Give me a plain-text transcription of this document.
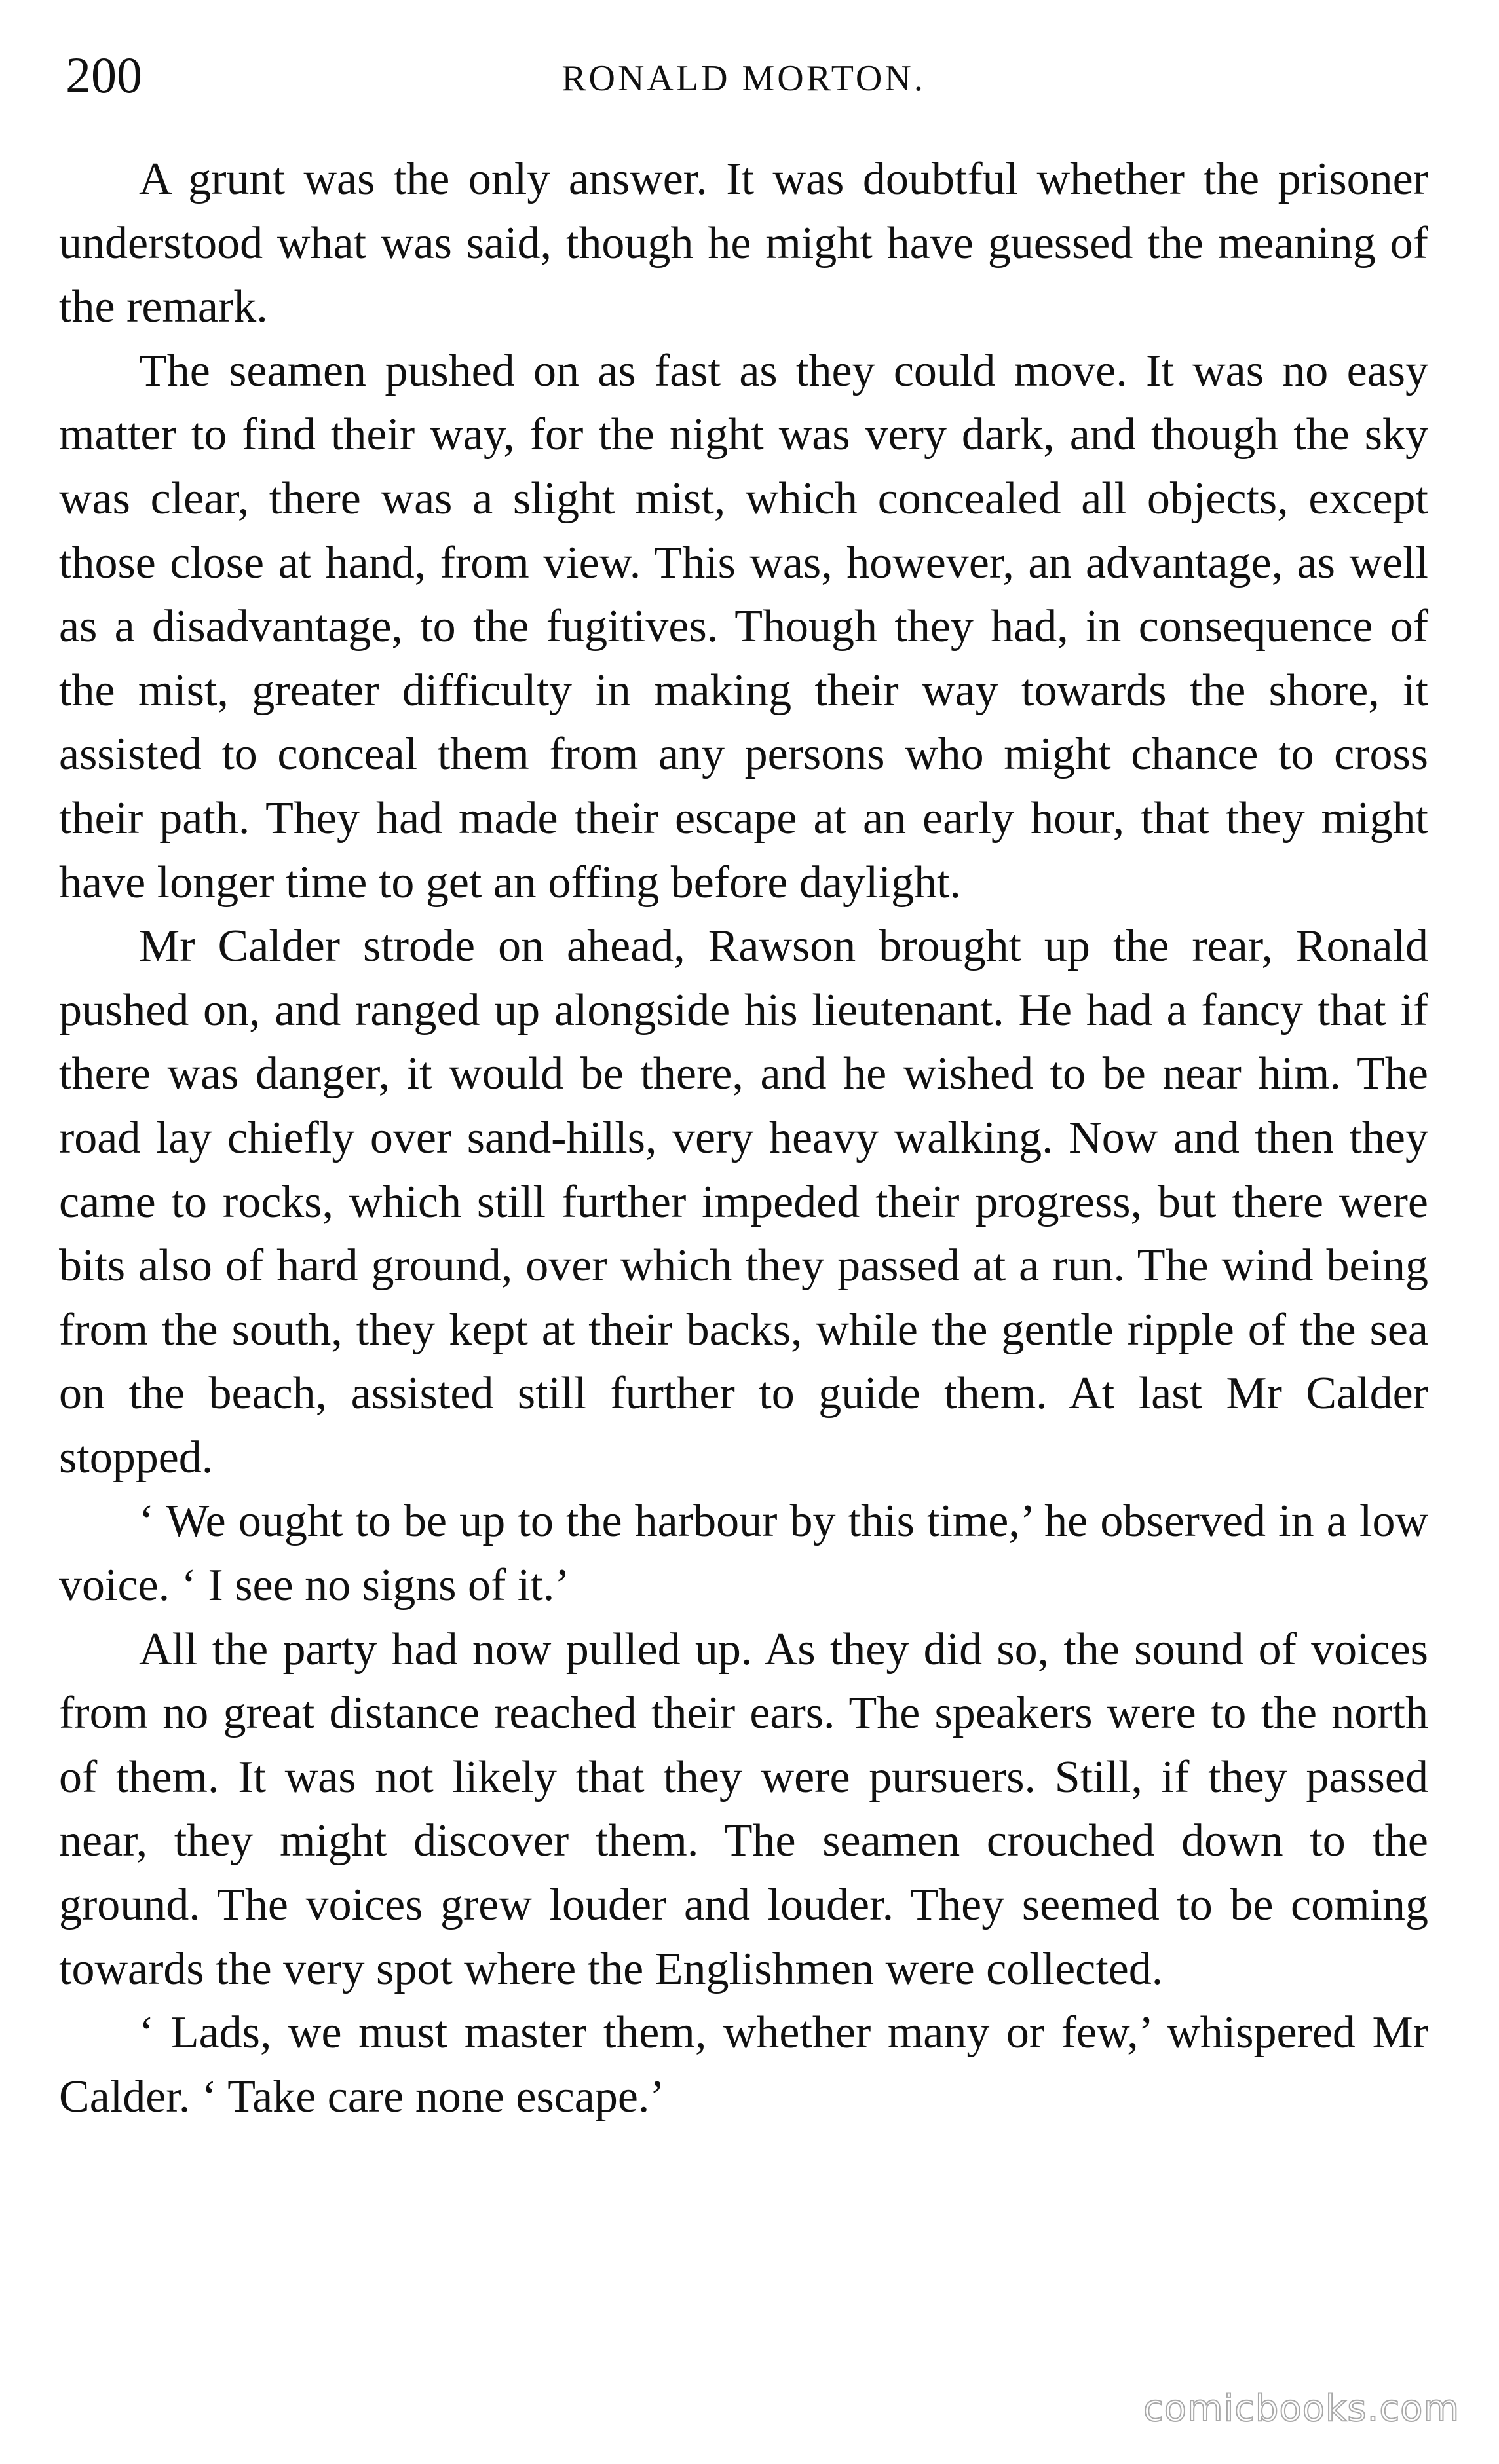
200	RONALD MORTON.

A grunt was the only answer. It was doubtful whether the prisoner understood what was said, though he might have guessed the meaning of the remark.

The seamen pushed on as fast as they could move. It was no easy matter to find their way, for the night was very dark, and though the sky was clear, there was a slight mist, which concealed all objects, except those close at hand, from view. This was, however, an advantage, as well as a disadvantage, to the fugitives. Though they had, in consequence of the mist, greater difficulty in making their way towards the shore, it assisted to conceal them from any persons who might chance to cross their path. They had made their escape at an early hour, that they might have longer time to get an offing before daylight.

Mr Calder strode on ahead, Rawson brought up the rear, Ronald pushed on, and ranged up alongside his lieutenant. He had a fancy that if there was danger, it would be there, and he wished to be near him. The road lay chiefly over sand-hills, very heavy walking. Now and then they came to rocks, which still further impeded their progress, but there were bits also of hard ground, over which they passed at a run. The wind being from the south, they kept at their backs, while the gentle ripple of the sea on the beach, assisted still further to guide them. At last Mr Calder stopped.

‘ We ought to be up to the harbour by this time,’ he observed in a low voice. ‘ I see no signs of it.’

All the party had now pulled up. As they did so, the sound of voices from no great distance reached their ears. The speakers were to the north of them. It was not likely that they were pursuers. Still, if they passed near, they might discover them. The seamen crouched down to the ground. The voices grew louder and louder. They seemed to be coming towards the very spot where the Englishmen were collected.

‘ Lads, we must master them, whether many or few,’ whispered Mr Calder. ‘ Take care none escape.’

comicbooks.com
